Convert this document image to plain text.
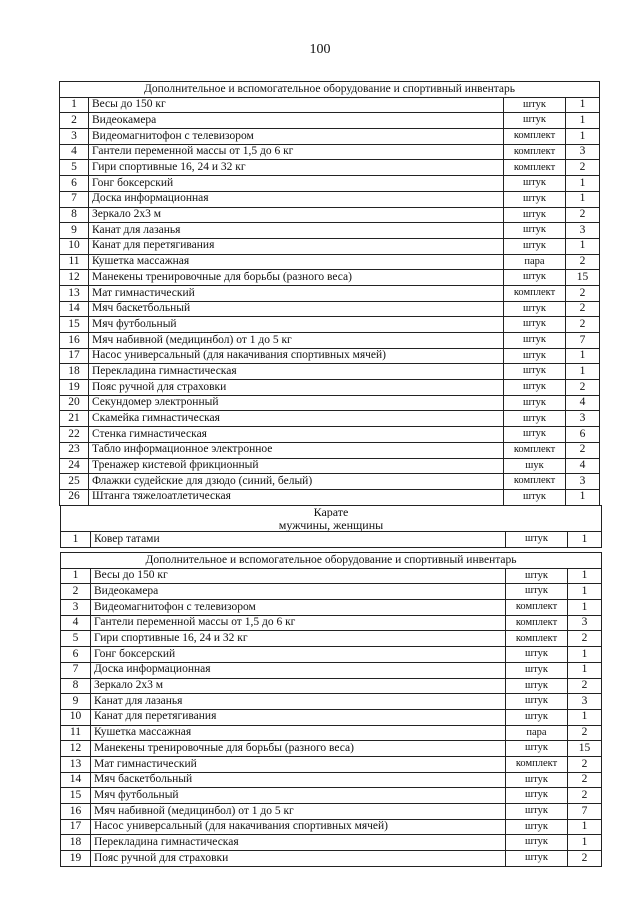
100
Дополнительное и вспомогательное оборудование и спортивный инвентарь			
1	Весы до 150 кг	штук	1
2	Видеокамера	штук	1
3	Видеомагнитофон с телевизором	комплект	1
4	Гантели переменной массы от 1,5 до 6 кг	комплект	3
5	Гири спортивные 16, 24 и 32 кг	комплект	2
6	Гонг боксерский	штук	1
7	Доска информационная	штук	1
8	Зеркало 2х3 м	штук	2
9	Канат для лазанья	штук	3
10	Канат для перетягивания	штук	1
11	Кушетка массажная	пара	2
12	Манекены тренировочные для борьбы (разного веса)	штук	15
13	Мат гимнастический	комплект	2
14	Мяч баскетбольный	штук	2
15	Мяч футбольный	штук	2
16	Мяч набивной (медицинбол) от 1 до 5 кг	штук	7
17	Насос универсальный (для накачивания спортивных мячей)	штук	1
18	Перекладина гимнастическая	штук	1
19	Пояс ручной для страховки	штук	2
20	Секундомер электронный	штук	4
21	Скамейка гимнастическая	штук	3
22	Стенка гимнастическая	штук	6
23	Табло информационное электронное	комплект	2
24	Тренажер кистевой фрикционный	шук	4
25	Флажки судейские для дзюдо (синий, белый)	комплект	3
26	Штанга тяжелоатлетическая	штук	1
Карате
мужчины, женщины
1	Ковер татами	штук	1
Дополнительное и вспомогательное оборудование и спортивный инвентарь			
1	Весы до 150 кг	штук	1
2	Видеокамера	штук	1
3	Видеомагнитофон с телевизором	комплект	1
4	Гантели переменной массы от 1,5 до 6 кг	комплект	3
5	Гири спортивные 16, 24 и 32 кг	комплект	2
6	Гонг боксерский	штук	1
7	Доска информационная	штук	1
8	Зеркало 2х3 м	штук	2
9	Канат для лазанья	штук	3
10	Канат для перетягивания	штук	1
11	Кушетка массажная	пара	2
12	Манекены тренировочные для борьбы (разного веса)	штук	15
13	Мат гимнастический	комплект	2
14	Мяч баскетбольный	штук	2
15	Мяч футбольный	штук	2
16	Мяч набивной (медицинбол) от 1 до 5 кг	штук	7
17	Насос универсальный (для накачивания спортивных мячей)	штук	1
18	Перекладина гимнастическая	штук	1
19	Пояс ручной для страховки	штук	2
